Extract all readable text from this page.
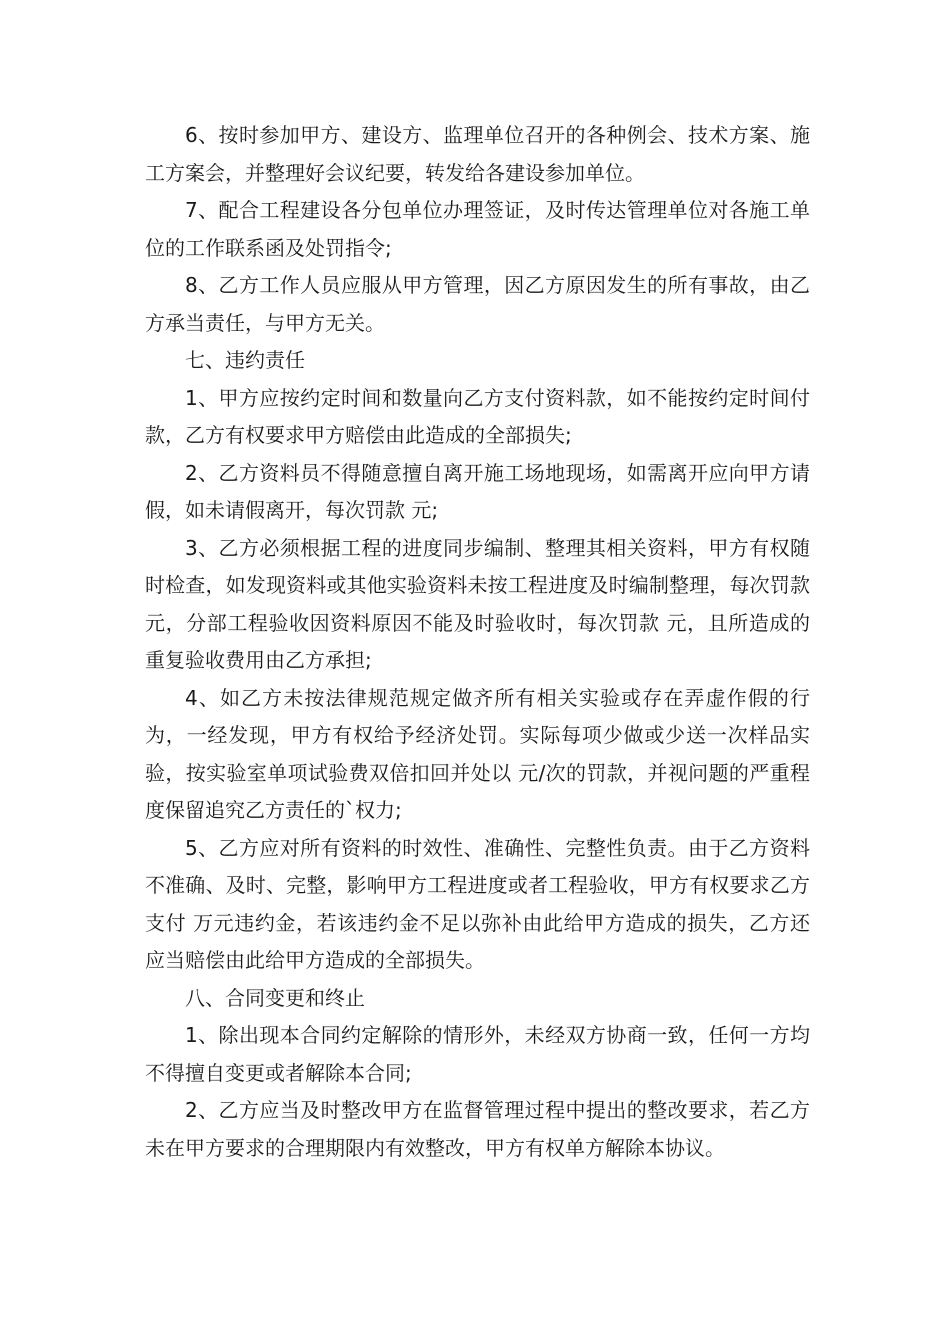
6、按时参加甲方、建设方、监理单位召开的各种例会、技术方案、施工方案会，并整理好会议纪要，转发给各建设参加单位。

7、配合工程建设各分包单位办理签证，及时传达管理单位对各施工单位的工作联系函及处罚指令;

8、乙方工作人员应服从甲方管理，因乙方原因发生的所有事故，由乙方承当责任，与甲方无关。

七、违约责任

1、甲方应按约定时间和数量向乙方支付资料款，如不能按约定时间付款，乙方有权要求甲方赔偿由此造成的全部损失;

2、乙方资料员不得随意擅自离开施工场地现场，如需离开应向甲方请假，如未请假离开，每次罚款 元;

3、乙方必须根据工程的进度同步编制、整理其相关资料，甲方有权随时检查，如发现资料或其他实验资料未按工程进度及时编制整理，每次罚款 元，分部工程验收因资料原因不能及时验收时，每次罚款 元，且所造成的重复验收费用由乙方承担;

4、如乙方未按法律规范规定做齐所有相关实验或存在弄虚作假的行为，一经发现，甲方有权给予经济处罚。实际每项少做或少送一次样品实验，按实验室单项试验费双倍扣回并处以 元/次的罚款，并视问题的严重程度保留追究乙方责任的`权力;

5、乙方应对所有资料的时效性、准确性、完整性负责。由于乙方资料不准确、及时、完整，影响甲方工程进度或者工程验收，甲方有权要求乙方支付 万元违约金，若该违约金不足以弥补由此给甲方造成的损失，乙方还应当赔偿由此给甲方造成的全部损失。

八、合同变更和终止

1、除出现本合同约定解除的情形外，未经双方协商一致，任何一方均不得擅自变更或者解除本合同;

2、乙方应当及时整改甲方在监督管理过程中提出的整改要求，若乙方未在甲方要求的合理期限内有效整改，甲方有权单方解除本协议。
